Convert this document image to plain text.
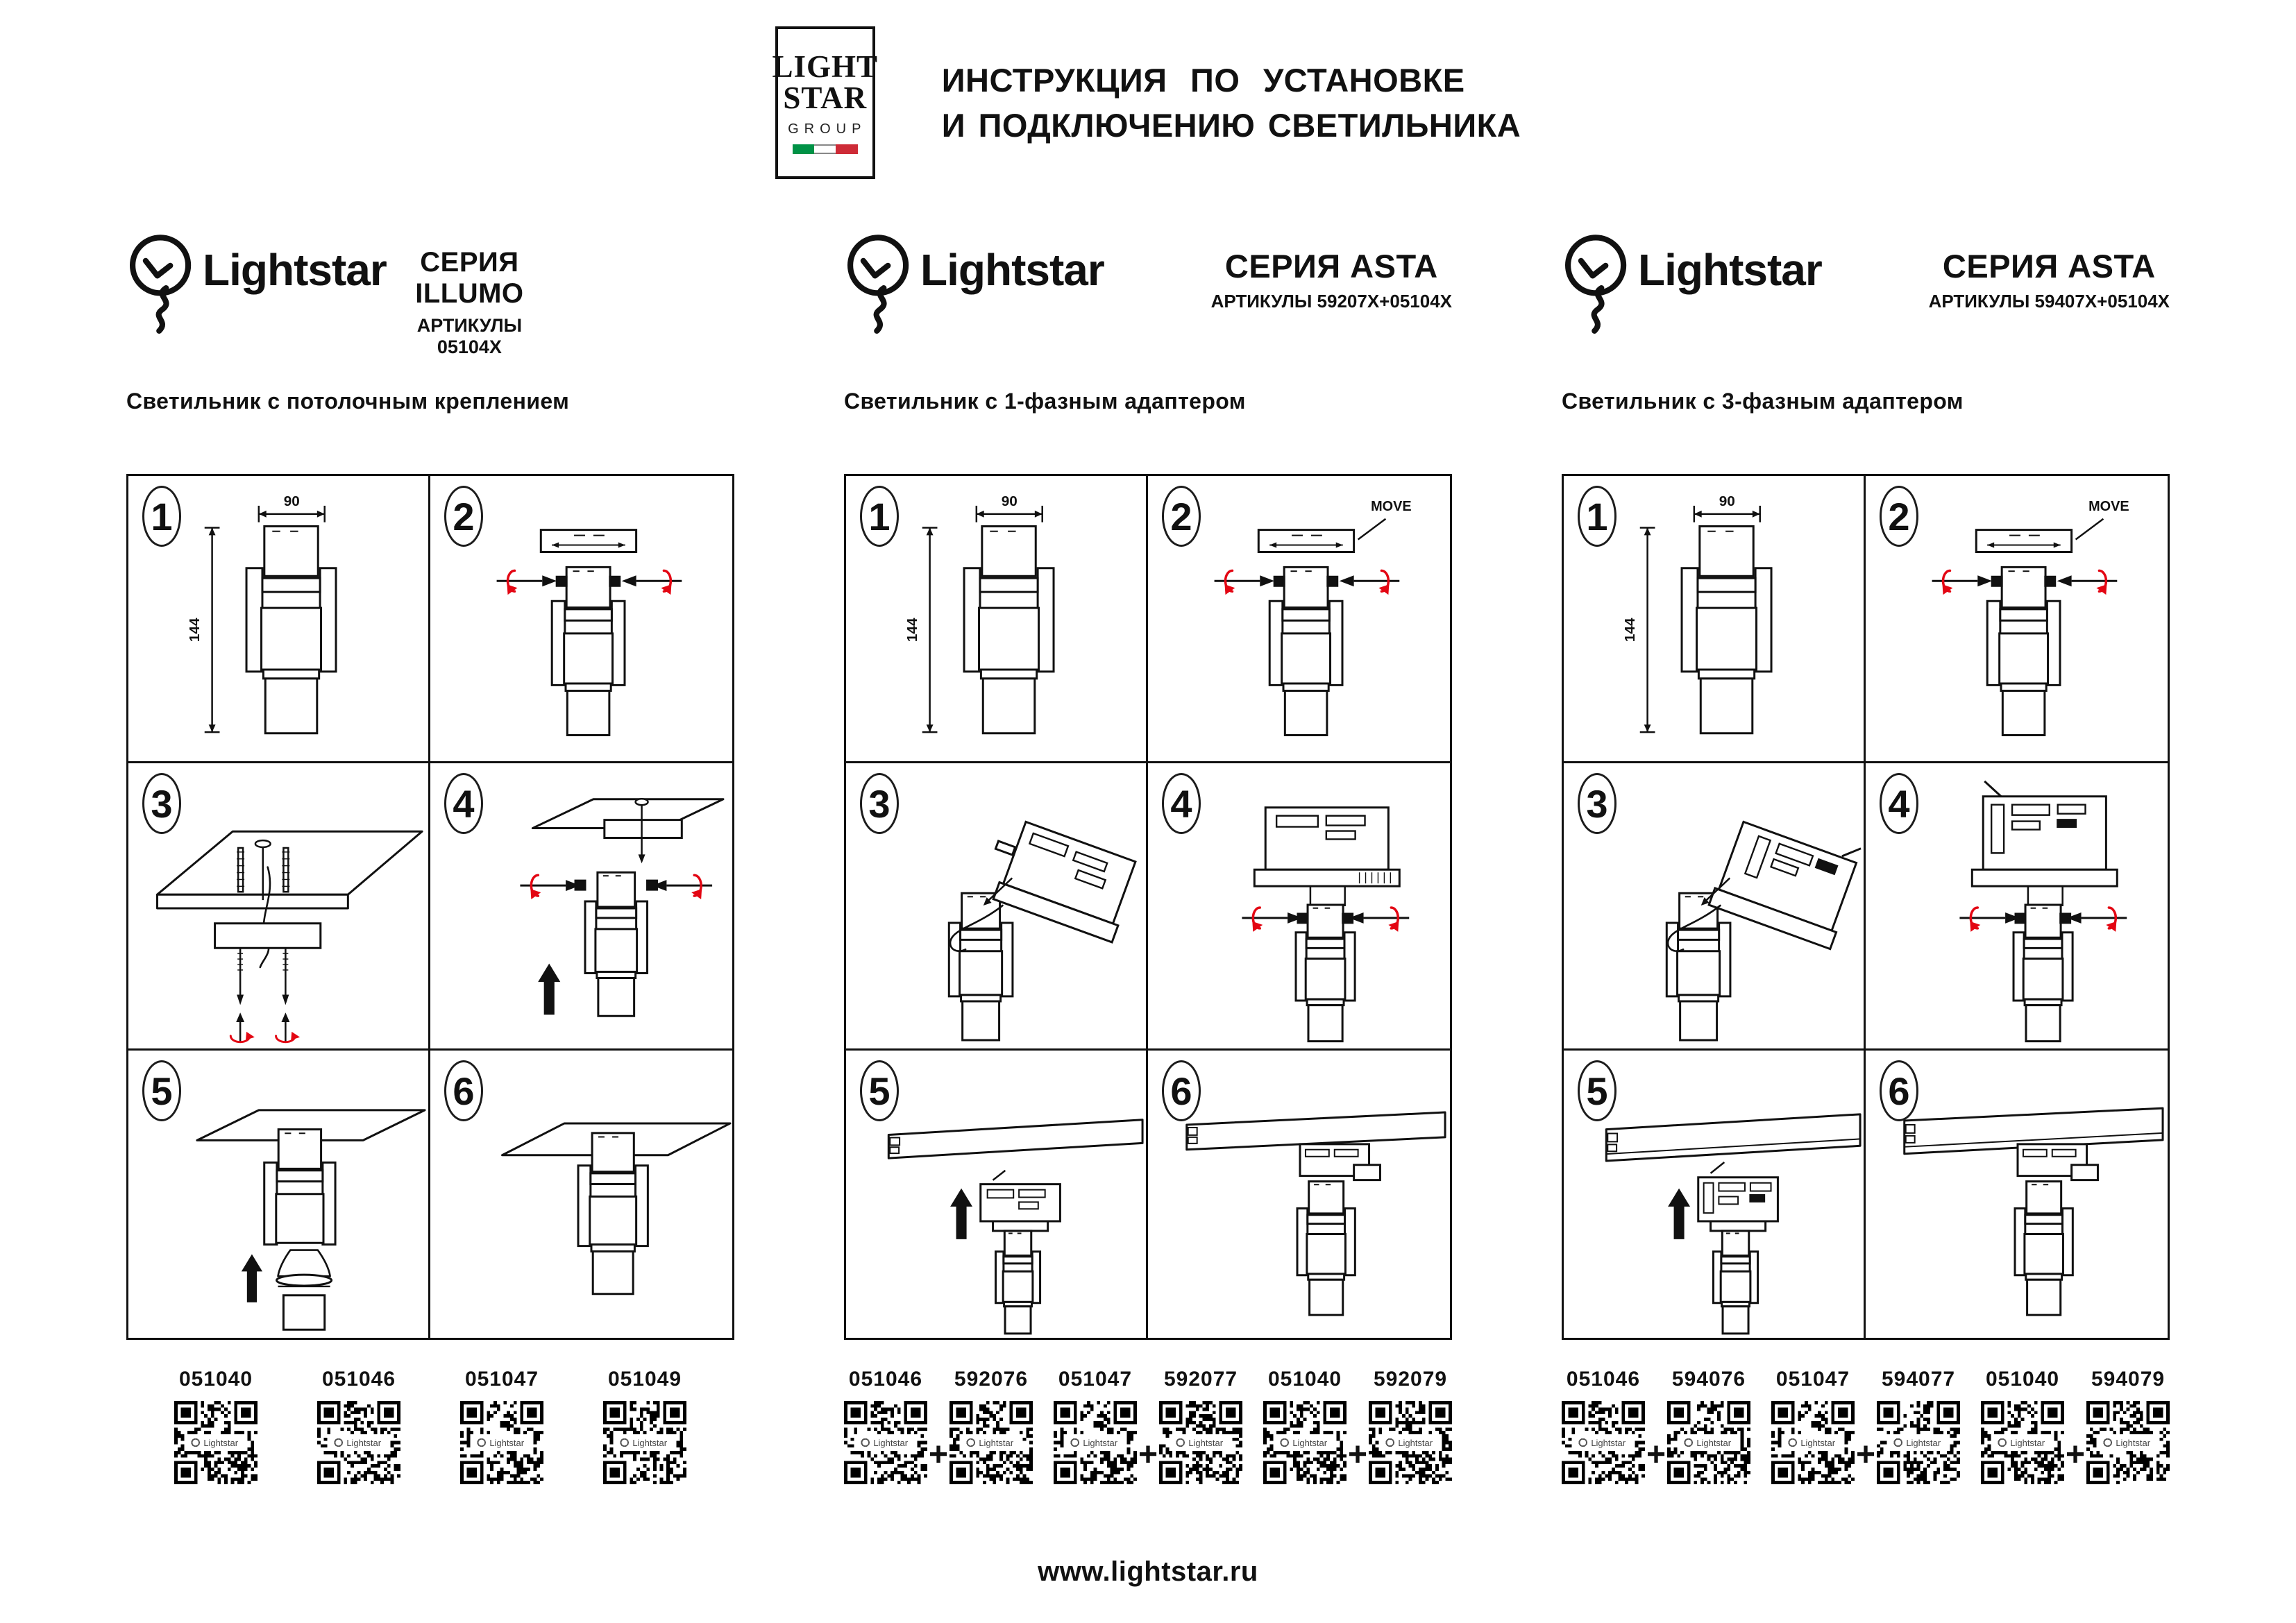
LIGHT
STAR
GROUP
ИНСТРУКЦИЯ ПО УСТАНОВКЕ
И ПОДКЛЮЧЕНИЮ СВЕТИЛЬНИКА
Lightstar	СЕРИЯ ILLUMO
АРТИКУЛЫ 05104X
Светильник с потолочным креплением
90
144
1	2
3	4
5	6
051040
Lightstar
051046
Lightstar
051047
Lightstar
051049
Lightstar
Lightstar	СЕРИЯ ASTA
АРТИКУЛЫ 59207X+05104X
Светильник с 1-фазным адаптером
90
144
1	MOVE
2
3	4
5	6
051046
Lightstar +
592076
Lightstar
051047
Lightstar +
592077
Lightstar
051040
Lightstar +
592079
Lightstar
Lightstar	СЕРИЯ ASTA
АРТИКУЛЫ 59407X+05104X
Светильник с 3-фазным адаптером
90
144
1	MOVE
2
3	4
5	6
051046
Lightstar +
594076
Lightstar
051047
Lightstar +
594077
Lightstar
051040
Lightstar +
594079
Lightstar
www.lightstar.ru
